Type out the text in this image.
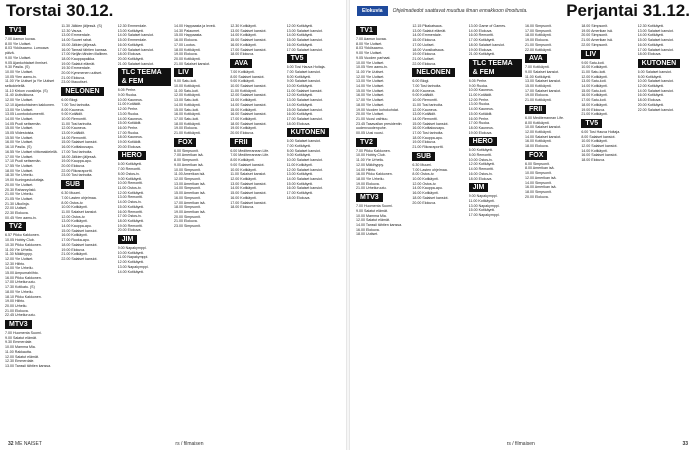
Torstai 30.12.
TV1

7.00 Aamun kuvaa.
8.00 Yle Uutiset.
8.03 Ykkösaamu. Lumoava päivä.
9.00 Yle Uutiset.
9.05 Ajankohtaiset ihmiset.
9.30 Pasila. (S)
10.00 Yle Uutiset.
10.05 Ylen aamu-tv.
11.00 Yle Uutiset ja Yle Uutiset selkokielellä.
11.10 Kirkon vuosikirja. (S)
11.40 Uutisikkuna.
12.00 Yle Uutiset.
12.10 Ajankohtainen kakkonen.
13.00 Yle Uutiset.
13.05 Luontodokumentti.
14.00 Yle Uutiset.
14.05 Puoli seitsemän.
15.00 Yle Uutiset.
15.05 Viidestoista.
15.50 Yle Uutiset.
16.00 Yle Uutiset.
16.10 Pasila. (S)
16.55 Yle Uutiset viittomakielellä.
17.00 Yle Uutiset.
17.10 Puoli seitsemän.
17.55 Yle Uutiset.
18.00 Yle Uutiset.
18.30 Yle Urheilu.
19.00 Kuningaskuluttaja.
20.00 Yle Uutiset.
20.30 Rahanryöstö.
21.00 Yle Urheilu.
21.05 Yle Uutiset.
21.30 Ulkolinja.
22.00 Uutiset.
22.30 Elokuva.
00.45 Ylen aamu-tv.
TV2

6.57 Pikku Kakkonen.
10.05 Hobby Club.
10.30 Pikku Kakkonen.
11.00 Yle Urheilu.
11.30 Mäkihyppy.
12.00 Yle Uutiset.
12.30 Hiihto.
14.00 Yle Urheilu.
15.00 Ampumahiihto.
16.00 Pikku Kakkonen.
17.00 Urheiluruutu.
17.30 Kotikatu. (S)
18.00 Yle Urheilu.
18.10 Pikku Kakkonen.
19.00 Hiihto.
20.00 Urheilu.
21.00 Elokuva.
22.45 Urheiluruutu.
MTV3

7.00 Huomenta Suomi.
9.00 Salatut elämät.
9.30 Emmerdale.
10.00 Mamma Mia.
11.00 Rakkautta.
12.00 Salatut elämät.
12.30 Emmerdale.
13.00 Tanssii tähtien kanssa.
11.30 Jälkien jäljessä. (S)
12.30 Vauva.
13.00 Emmerdale.
14.00 Suuret rahat.
15.00 Jälkien jäljessä.
16.00 Tanssii tähtien kanssa.
17.00 Neljän tähden illallinen.
18.00 Kauppapaikka.
19.00 Salatut elämät.
19.30 Emmerdale.
20.00 Kymmenen uutiset.
21.00 Elokuva.
23.00 Iltauutiset.
NELONEN

6.00 Blogi.
7.00 Tosi tarinoita.
8.00 Kauneus.
9.00 Kotiäidit.
10.00 Remontti.
11.00 Tosi tarinoita.
12.00 Kauneus.
13.00 Kotiäidit.
14.00 Remontti.
15.00 Salaiset kansiot.
16.00 Kotitalousapu.
17.00 Tosi tarinoita.
18.00 Jälkien jäljessä.
19.00 Kauppa-apu.
20.00 Elokuva.
22.00 Rikosraportti.
23.00 Tosi tarinoita.
SUB

6.30 Muumi.
7.00 Lasten ohjelmaa.
8.00 Ostos-tv.
10.00 Kotikäynti.
11.00 Salaiset kansiot.
12.00 Ostos-tv.
13.00 Kotikäynti.
14.00 Kauppa-apu.
15.00 Salaiset kansiot.
16.00 Kotikäynti.
17.00 Ruoka-apu.
18.00 Salaiset kansiot.
19.00 Elokuva.
21.00 Kotikäynti.
22.00 Salaiset kansiot.
12.30 Emmerdale.
13.00 Kotikäynti.
14.00 Salaiset kansiot.
15.00 Emmerdale.
16.00 Kotikäynti.
17.00 Salaiset kansiot.
18.00 Elokuva.
20.00 Kotikäynti.
21.00 Salaiset kansiot.
TLC TEEMA & FEM

8.05 Perhe.
9.00 Ruoka.
10.00 Kauneus.
11.00 Kotiäidit.
12.00 Perhe.
13.00 Ruoka.
14.00 Kauneus.
15.00 Kotiäidit.
16.00 Perhe.
17.00 Ruoka.
18.00 Kauneus.
19.00 Kotiäidit.
20.00 Elokuva.
HERO

6.00 Kotikäynti.
7.00 Remontti.
8.00 Ostos-tv.
9.00 Kotikäynti.
10.00 Remontti.
11.00 Ostos-tv.
12.00 Kotikäynti.
13.00 Remontti.
14.00 Ostos-tv.
15.00 Kotikäynti.
16.00 Remontti.
17.00 Ostos-tv.
18.00 Kotikäynti.
19.00 Remontti.
20.00 Elokuva.
JIM

9.00 Napakymppi.
10.00 Kotikäynti.
11.00 Napakymppi.
12.00 Kotikäynti.
13.00 Napakymppi.
14.00 Kotikäynti.
14.00 Happaasta ja leveä.
14.30 Palaumet.
15.00 Happaasta.
16.00 Elokuva.
17.00 Lootus.
18.00 Kotikäynti.
19.00 Elokuva.
20.00 Kotikäynti.
21.00 Salaiset kansiot.
LIV

9.00 Satu-koti.
10.00 Kotikäynti.
11.00 Satu-koti.
12.00 Kotikäynti.
13.00 Satu-koti.
14.00 Kotikäynti.
15.00 Satu-koti.
16.00 Kotikäynti.
17.00 Satu-koti.
18.00 Kotikäynti.
19.00 Elokuva.
21.00 Kotikäynti.
FOX

6.00 Simpsonit.
7.00 Amerikan isä.
8.00 Simpsonit.
9.00 Amerikan isä.
10.00 Simpsonit.
11.00 Amerikan isä.
12.00 Simpsonit.
13.00 Amerikan isä.
14.00 Simpsonit.
15.00 Amerikan isä.
16.00 Simpsonit.
17.00 Amerikan isä.
18.00 Simpsonit.
19.00 Amerikan isä.
20.00 Simpsonit.
21.00 Elokuva.
23.00 Simpsonit.
12.30 Kotikäynti.
13.00 Salaiset kansiot.
14.00 Kotikäynti.
15.00 Salaiset kansiot.
16.00 Kotikäynti.
17.00 Salaiset kansiot.
18.00 Elokuva.
AVA

7.00 Kotikäynti.
8.00 Salaiset kansiot.
9.00 Kotikäynti.
10.00 Salaiset kansiot.
11.00 Kotikäynti.
12.00 Salaiset kansiot.
13.00 Kotikäynti.
14.00 Salaiset kansiot.
15.00 Kotikäynti.
16.00 Salaiset kansiot.
17.00 Kotikäynti.
18.00 Salaiset kansiot.
19.00 Kotikäynti.
20.00 Elokuva.
FRII

6.00 Mediterranean Life.
7.00 Mediterranean Life.
8.00 Kotikäynti.
9.00 Salaiset kansiot.
10.00 Kotikäynti.
11.00 Salaiset kansiot.
12.00 Kotikäynti.
13.00 Salaiset kansiot.
14.00 Kotikäynti.
15.00 Salaiset kansiot.
16.00 Kotikäynti.
17.00 Salaiset kansiot.
18.00 Elokuva.
12.00 Kotikäynti.
13.00 Salaiset kansiot.
14.00 Kotikäynti.
15.00 Salaiset kansiot.
16.00 Kotikäynti.
17.00 Salaiset kansiot.
TV5

6.00 Tosi Hauva Hoitaja.
7.00 Salaiset kansiot.
8.00 Kotikäynti.
9.00 Salaiset kansiot.
10.00 Kotikäynti.
11.00 Salaiset kansiot.
12.00 Kotikäynti.
13.00 Salaiset kansiot.
14.00 Kotikäynti.
15.00 Salaiset kansiot.
16.00 Kotikäynti.
17.00 Salaiset kansiot.
18.00 Elokuva.
KUTONEN

6.00 Salaiset kansiot.
7.00 Kotikäynti.
8.00 Salaiset kansiot.
9.00 Kotikäynti.
10.00 Salaiset kansiot.
11.00 Kotikäynti.
12.00 Salaiset kansiot.
13.00 Kotikäynti.
14.00 Salaiset kansiot.
15.00 Kotikäynti.
16.00 Salaiset kansiot.
17.00 Kotikäynti.
18.00 Elokuva.
32
ME NAISET	rs / filmaisen
Elokuvia	Ohjelmatiedot saattavat muuttua ilman ennakkoon ilmoitusta. Perjantai 31.12.
TV1

7.00 Aamun kuvaa.
8.00 Yle Uutiset.
8.03 Ykkösaamu.
9.00 Yle Uutiset.
9.05 Vuoden parhaat.
10.00 Yle Uutiset.
10.05 Ylen aamu-tv.
11.00 Yle Uutiset.
12.00 Yle Uutiset.
13.00 Yle Uutiset.
14.00 Yle Uutiset.
15.00 Yle Uutiset.
16.00 Yle Uutiset.
17.00 Yle Uutiset.
18.00 Yle Uutiset.
19.00 Vuoden kohokohdat.
20.00 Yle Uutiset.
21.00 Vuosi vaihtuu.
23.45 Tasavallan presidentin uudenvuodenpuhe.
00.05 Uusi vuosi.
TV2

7.00 Pikku Kakkonen.
10.00 Hobby Club.
11.00 Yle Urheilu.
12.00 Mäkihyppy.
14.00 Hiihto.
16.00 Pikku Kakkonen.
18.00 Yle Urheilu.
19.00 Elokuva.
21.00 Urheiluruutu.
MTV3

7.00 Huomenta Suomi.
9.00 Salatut elämät.
10.00 Mamma Mia.
12.00 Salatut elämät.
14.00 Tanssii tähtien kanssa.
16.00 Elokuva.
18.00 Uutiset.
12.15 Pikakatsaus.
13.00 Salatut elämät.
14.00 Emmerdale.
15.00 Elokuva.
17.00 Uutiset.
18.00 Vuosikatsaus.
19.00 Elokuva.
21.00 Uutiset.
22.00 Elokuva.
NELONEN

6.00 Blogi.
7.00 Tosi tarinoita.
8.00 Kauneus.
9.00 Kotiäidit.
10.00 Remontti.
11.00 Tosi tarinoita.
12.00 Kauneus.
13.00 Kotiäidit.
14.00 Remontti.
15.00 Salaiset kansiot.
16.00 Kotitalousapu.
17.00 Tosi tarinoita.
18.00 Kauppa-apu.
19.00 Elokuva.
21.00 Rikosraportti.
SUB

6.30 Muumi.
7.00 Lasten ohjelmaa.
8.00 Ostos-tv.
10.00 Kotikäynti.
12.00 Ostos-tv.
14.00 Kauppa-apu.
16.00 Kotikäynti.
18.00 Salaiset kansiot.
20.00 Elokuva.
13.00 Game of Games.
14.00 Elokuva.
16.00 Remontti.
17.00 Kotikäynti.
18.00 Salaiset kansiot.
19.00 Elokuva.
21.00 Kotikäynti.
TLC TEEMA & FEM

8.05 Perhe.
9.00 Ruoka.
10.00 Kauneus.
11.00 Kotiäidit.
12.00 Perhe.
13.00 Ruoka.
14.00 Kauneus.
15.00 Kotiäidit.
16.00 Perhe.
17.00 Ruoka.
18.00 Kauneus.
19.00 Elokuva.
HERO

6.00 Kotikäynti.
8.00 Remontti.
10.00 Ostos-tv.
12.00 Kotikäynti.
14.00 Remontti.
16.00 Ostos-tv.
18.00 Elokuva.
JIM

9.00 Napakymppi.
11.00 Kotikäynti.
13.00 Napakymppi.
15.00 Kotikäynti.
17.00 Napakymppi.
16.00 Simpsonit.
17.00 Simpsonit.
18.00 Kotikäynti.
19.00 Elokuva.
21.00 Simpsonit.
22.00 Kotikäynti.
AVA

7.00 Kotikäynti.
9.00 Salaiset kansiot.
11.00 Kotikäynti.
13.00 Salaiset kansiot.
15.00 Kotikäynti.
17.00 Salaiset kansiot.
19.00 Elokuva.
21.00 Kotikäynti.
FRII

6.00 Mediterranean Life.
8.00 Kotikäynti.
10.00 Salaiset kansiot.
12.00 Kotikäynti.
14.00 Salaiset kansiot.
16.00 Kotikäynti.
18.00 Elokuva.
FOX

6.00 Simpsonit.
8.00 Amerikan isä.
10.00 Simpsonit.
12.00 Amerikan isä.
14.00 Simpsonit.
16.00 Amerikan isä.
18.00 Simpsonit.
20.00 Elokuva.
18.00 Simpsonit.
19.00 Amerikan isä.
20.00 Simpsonit.
21.00 Amerikan isä.
22.00 Simpsonit.
LIV

9.00 Satu-koti.
10.00 Kotikäynti.
11.00 Satu-koti.
12.00 Kotikäynti.
13.00 Satu-koti.
14.00 Kotikäynti.
15.00 Satu-koti.
16.00 Kotikäynti.
17.00 Satu-koti.
18.00 Kotikäynti.
19.00 Elokuva.
21.00 Kotikäynti.
TV5

6.00 Tosi Hauva Hoitaja.
8.00 Salaiset kansiot.
10.00 Kotikäynti.
12.00 Salaiset kansiot.
14.00 Kotikäynti.
16.00 Salaiset kansiot.
18.00 Elokuva.
12.30 Kotikäynti.
13.00 Salaiset kansiot.
14.00 Kotikäynti.
15.00 Salaiset kansiot.
16.00 Kotikäynti.
17.00 Salaiset kansiot.
18.00 Elokuva.
KUTONEN

6.00 Salaiset kansiot.
8.00 Kotikäynti.
10.00 Salaiset kansiot.
12.00 Kotikäynti.
14.00 Salaiset kansiot.
16.00 Kotikäynti.
18.00 Elokuva.
20.00 Kotikäynti.
22.00 Salaiset kansiot.
rs / filmaisen	33
